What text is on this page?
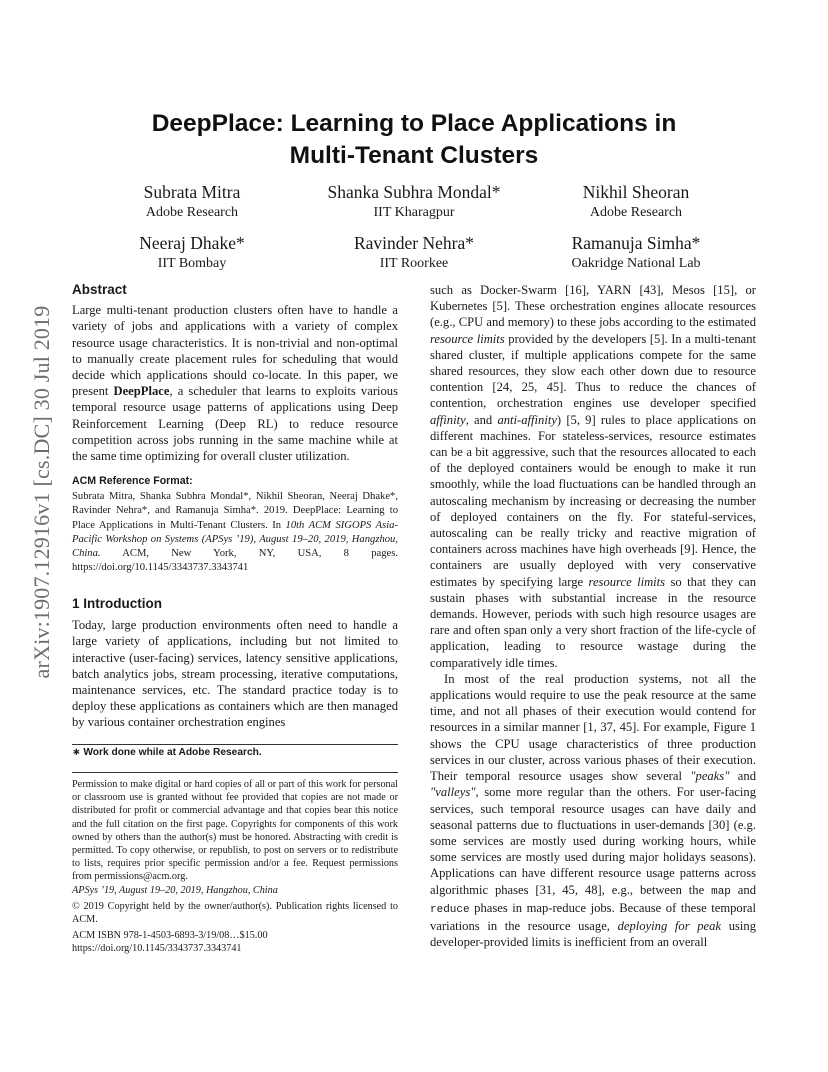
arXiv:1907.12916v1 [cs.DC] 30 Jul 2019
DeepPlace: Learning to Place Applications in
Multi-Tenant Clusters
Subrata Mitra
Adobe Research
Shanka Subhra Mondal*
IIT Kharagpur
Nikhil Sheoran
Adobe Research
Neeraj Dhake*
IIT Bombay
Ravinder Nehra*
IIT Roorkee
Ramanuja Simha*
Oakridge National Lab
Abstract

Large multi-tenant production clusters often have to handle a variety of jobs and applications with a variety of complex resource usage characteristics. It is non-trivial and non-optimal to manually create placement rules for scheduling that would decide which applications should co-locate. In this paper, we present DeepPlace, a scheduler that learns to exploits various temporal resource usage patterns of applications using Deep Reinforcement Learning (Deep RL) to reduce resource competition across jobs running in the same machine while at the same time optimizing for overall cluster utilization.

ACM Reference Format:

Subrata Mitra, Shanka Subhra Mondal*, Nikhil Sheoran, Neeraj Dhake*, Ravinder Nehra*, and Ramanuja Simha*. 2019. DeepPlace: Learning to Place Applications in Multi-Tenant Clusters. In 10th ACM SIGOPS Asia-Pacific Workshop on Systems (APSys ’19), August 19–20, 2019, Hangzhou, China. ACM, New York, NY, USA, 8 pages. https://doi.org/10.1145/3343737.3343741

1 Introduction

Today, large production environments often need to handle a large variety of applications, including but not limited to interactive (user-facing) services, latency sensitive applications, batch analytics jobs, stream processing, iterative computations, maintenance services, etc. The standard practice today is to deploy these applications as containers which are then managed by various container orchestration engines

∗ Work done while at Adobe Research.

Permission to make digital or hard copies of all or part of this work for personal or classroom use is granted without fee provided that copies are not made or distributed for profit or commercial advantage and that copies bear this notice and the full citation on the first page. Copyrights for components of this work owned by others than the author(s) must be honored. Abstracting with credit is permitted. To copy otherwise, or republish, to post on servers or to redistribute to lists, requires prior specific permission and/or a fee. Request permissions from permissions@acm.org.

APSys ’19, August 19–20, 2019, Hangzhou, China

© 2019 Copyright held by the owner/author(s). Publication rights licensed to ACM.

ACM ISBN 978-1-4503-6893-3/19/08…$15.00

https://doi.org/10.1145/3343737.3343741

such as Docker-Swarm [16], YARN [43], Mesos [15], or Kubernetes [5]. These orchestration engines allocate resources (e.g., CPU and memory) to these jobs according to the estimated resource limits provided by the developers [5]. In a multi-tenant shared cluster, if multiple applications compete for the same shared resources, they slow each other down due to resource contention [24, 25, 45]. Thus to reduce the chances of contention, orchestration engines use developer specified affinity, and anti-affinity) [5, 9] rules to place applications on different machines. For stateless-services, resource estimates can be a bit aggressive, such that the resources allocated to each of the deployed containers would be enough to make it run smoothly, while the load fluctuations can be handled through an autoscaling mechanism by increasing or decreasing the number of deployed containers on the fly. For stateful-services, autoscaling can be really tricky and reactive migration of containers across machines have high overheads [9]. Hence, the containers are usually deployed with very conservative estimates by specifying large resource limits so that they can sustain phases with substantial increase in the resource demands. However, periods with such high resource usages are rare and often span only a very short fraction of the life-cycle of application, leading to resource wastage during the comparatively idle times.

In most of the real production systems, not all the applications would require to use the peak resource at the same time, and not all phases of their execution would contend for resources in a similar manner [1, 37, 45]. For example, Figure 1 shows the CPU usage characteristics of three production services in our cluster, across various phases of their execution. Their temporal resource usages show several "peaks" and "valleys", some more regular than the others. For user-facing services, such temporal resource usages can have daily and seasonal patterns due to fluctuations in user-demands [30] (e.g. some services are mostly used during working hours, while some services are mostly used during major holidays seasons). Applications can have different resource usage patterns across algorithmic phases [31, 45, 48], e.g., between the map and reduce phases in map-reduce jobs. Because of these temporal variations in the resource usage, deploying for peak using developer-provided limits is inefficient from an overall
